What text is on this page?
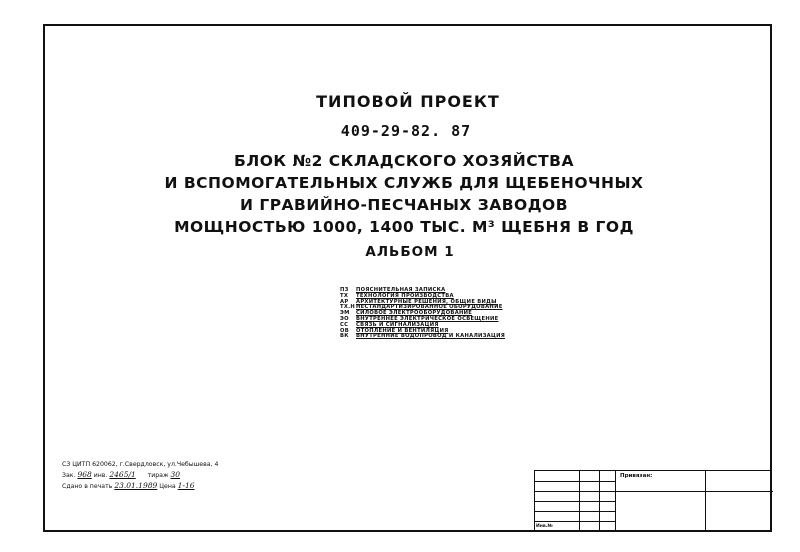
ТИПОВОЙ ПРОЕКТ
409-29-82. 87
БЛОК №2 СКЛАДСКОГО ХОЗЯЙСТВА
И ВСПОМОГАТЕЛЬНЫХ СЛУЖБ ДЛЯ ЩЕБЕНОЧНЫХ
И ГРАВИЙНО-ПЕСЧАНЫХ ЗАВОДОВ
МОЩНОСТЬЮ 1000, 1400 ТЫС. М³ ЩЕБНЯ В ГОД
АЛЬБОМ 1
ПЗ	ПОЯСНИТЕЛЬНАЯ ЗАПИСКА
ТХ	ТЕХНОЛОГИЯ ПРОИЗВОДСТВА
АР	АРХИТЕКТУРНЫЕ РЕШЕНИЯ, ОБЩИЕ ВИДЫ
ТХ.Н НЕСТАНДАРТИЗИРОВАННОЕ ОБОРУДОВАНИЕ
ЭМ	СИЛОВОЕ ЭЛЕКТРООБОРУДОВАНИЕ
ЭО	ВНУТРЕННЕЕ ЭЛЕКТРИЧЕСКОЕ ОСВЕЩЕНИЕ
СС	СВЯЗЬ И СИГНАЛИЗАЦИЯ
ОВ	ОТОПЛЕНИЕ И ВЕНТИЛЯЦИЯ
ВК	ВНУТРЕННИЕ ВОДОПРОВОД И КАНАЛИЗАЦИЯ
СЗ ЦИТП 620062, г.Свердловск, ул.Чебышева, 4
Зак. 968 инв. 2465/1 тираж 30
Сдано в печать 23.01.1989 Цена 1-16
Привязан:
Инв.№
